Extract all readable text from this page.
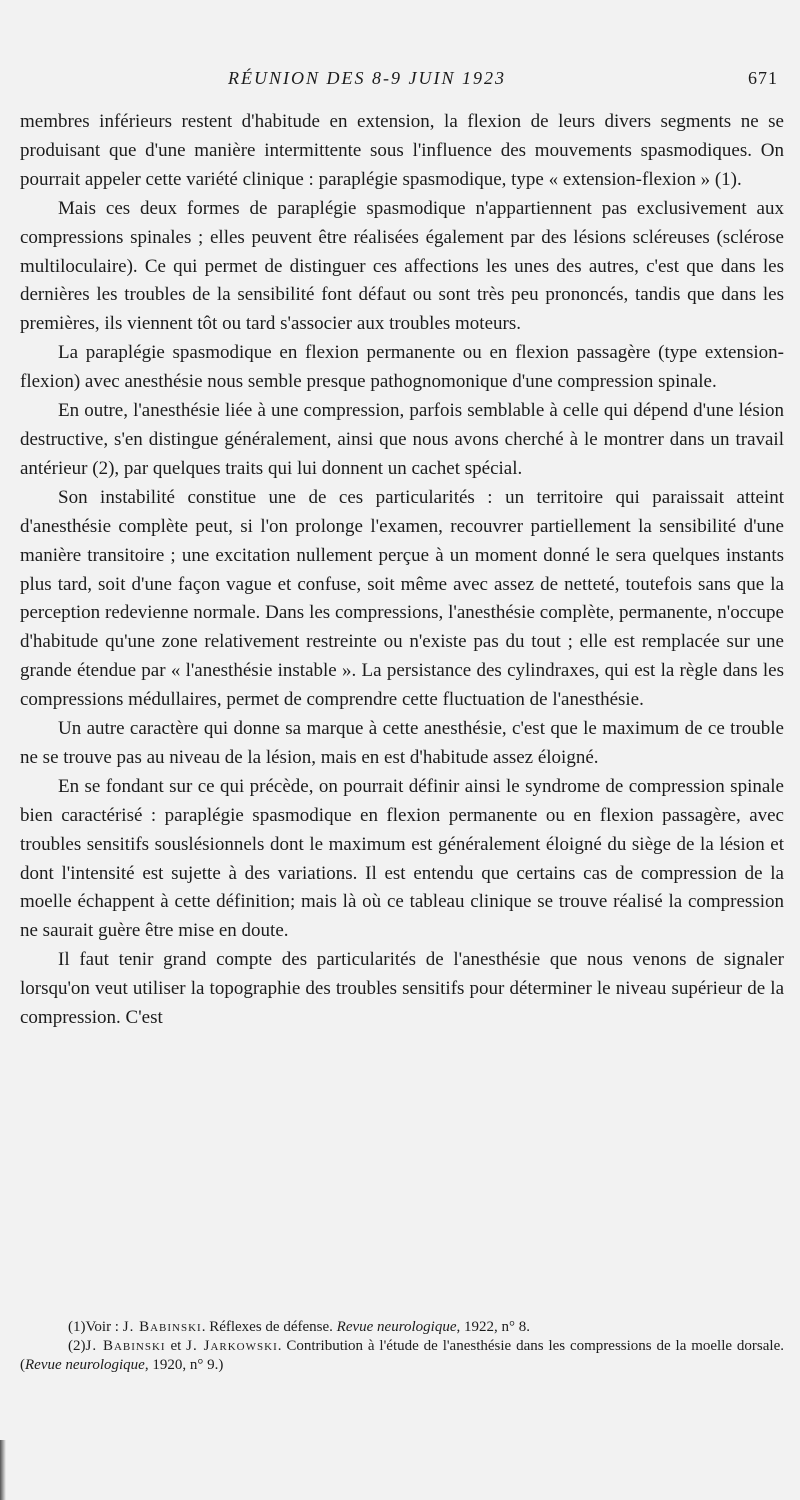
RÉUNION DES 8-9 JUIN 1923	671

membres inférieurs restent d'habitude en extension, la flexion de leurs divers segments ne se produisant que d'une manière intermittente sous l'influence des mouvements spasmodiques. On pourrait appeler cette variété clinique : paraplégie spasmodique, type « extension-flexion » (1).

Mais ces deux formes de paraplégie spasmodique n'appartiennent pas exclusivement aux compressions spinales ; elles peuvent être réalisées également par des lésions scléreuses (sclérose multiloculaire). Ce qui permet de distinguer ces affections les unes des autres, c'est que dans les dernières les troubles de la sensibilité font défaut ou sont très peu prononcés, tandis que dans les premières, ils viennent tôt ou tard s'associer aux troubles moteurs.

La paraplégie spasmodique en flexion permanente ou en flexion passagère (type extension-flexion) avec anesthésie nous semble presque pathognomonique d'une compression spinale.

En outre, l'anesthésie liée à une compression, parfois semblable à celle qui dépend d'une lésion destructive, s'en distingue généralement, ainsi que nous avons cherché à le montrer dans un travail antérieur (2), par quelques traits qui lui donnent un cachet spécial.

Son instabilité constitue une de ces particularités : un territoire qui paraissait atteint d'anesthésie complète peut, si l'on prolonge l'examen, recouvrer partiellement la sensibilité d'une manière transitoire ; une excitation nullement perçue à un moment donné le sera quelques instants plus tard, soit d'une façon vague et confuse, soit même avec assez de netteté, toutefois sans que la perception redevienne normale. Dans les compressions, l'anesthésie complète, permanente, n'occupe d'habitude qu'une zone relativement restreinte ou n'existe pas du tout ; elle est remplacée sur une grande étendue par « l'anesthésie instable ». La persistance des cylindraxes, qui est la règle dans les compressions médullaires, permet de comprendre cette fluctuation de l'anesthésie.

Un autre caractère qui donne sa marque à cette anesthésie, c'est que le maximum de ce trouble ne se trouve pas au niveau de la lésion, mais en est d'habitude assez éloigné.

En se fondant sur ce qui précède, on pourrait définir ainsi le syndrome de compression spinale bien caractérisé : paraplégie spasmodique en flexion permanente ou en flexion passagère, avec troubles sensitifs souslésionnels dont le maximum est généralement éloigné du siège de la lésion et dont l'intensité est sujette à des variations. Il est entendu que certains cas de compression de la moelle échappent à cette définition; mais là où ce tableau clinique se trouve réalisé la compression ne saurait guère être mise en doute.

Il faut tenir grand compte des particularités de l'anesthésie que nous venons de signaler lorsqu'on veut utiliser la topographie des troubles sensitifs pour déterminer le niveau supérieur de la compression. C'est

(1)Voir : J. Babinski. Réflexes de défense. Revue neurologique, 1922, n° 8.

(2)J. Babinski et J. Jarkowski. Contribution à l'étude de l'anesthésie dans les compressions de la moelle dorsale. (Revue neurologique, 1920, n° 9.)
